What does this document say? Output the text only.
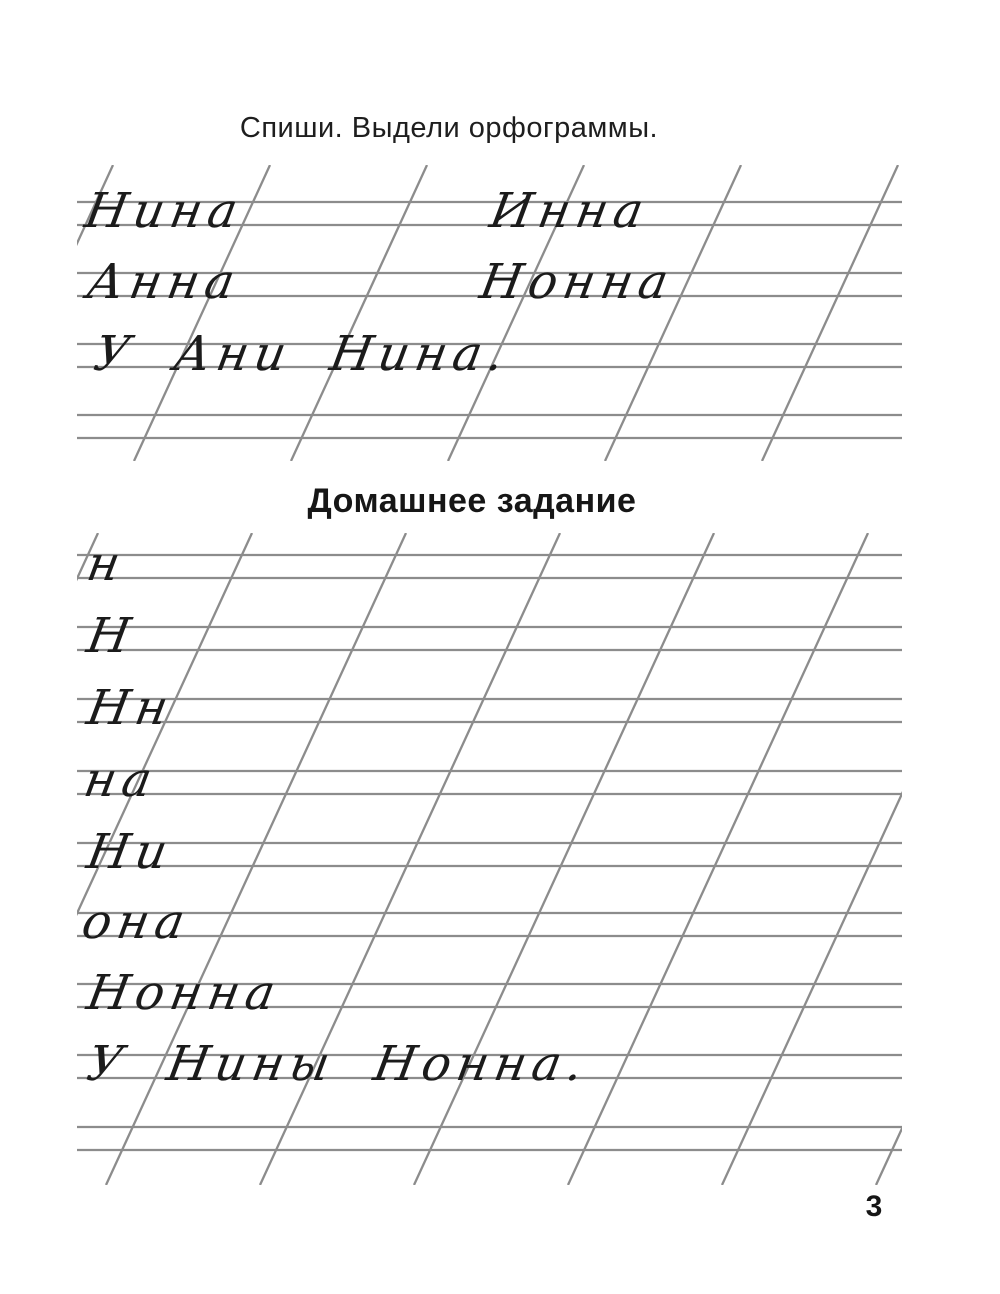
Спиши. Выдели орфограммы.
Нина	Инна
Анна	Нонна
У Ани Нина.
Домашнее задание
н
Н
Нн
на
Ни
она
Нонна
У Нины Нонна.
3
